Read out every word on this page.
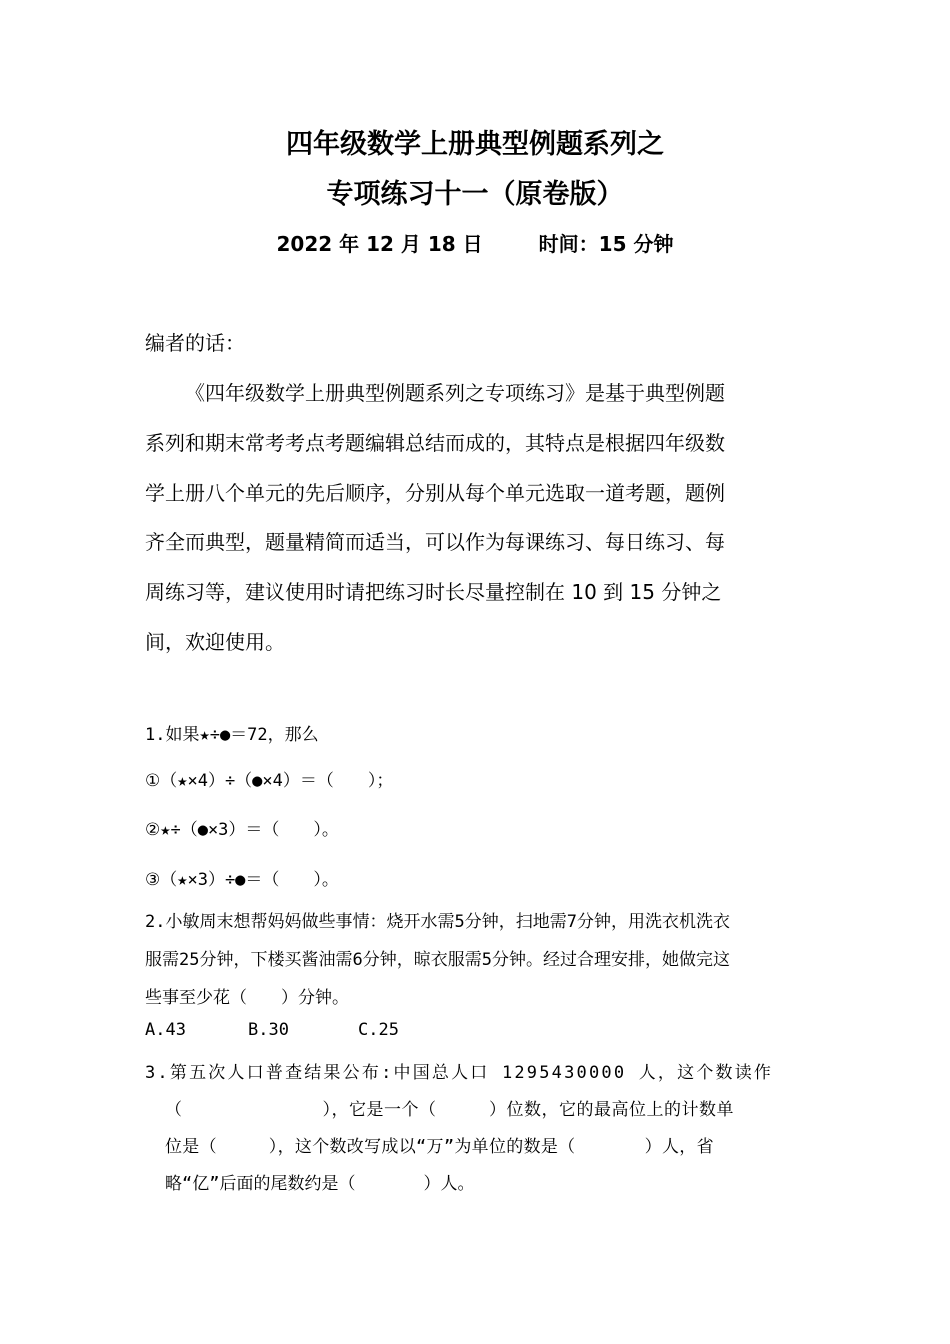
四年级数学上册典型例题系列之
专项练习十一（原卷版）
2022 年 12 月 18 日	时间：15 分钟
编者的话：
《四年级数学上册典型例题系列之专项练习》是基于典型例题
系列和期末常考考点考题编辑总结而成的，其特点是根据四年级数
学上册八个单元的先后顺序，分别从每个单元选取一道考题，题例
齐全而典型，题量精简而适当，可以作为每课练习、每日练习、每
周练习等，建议使用时请把练习时长尽量控制在 10 到 15 分钟之
间，欢迎使用。
1.如果★÷●＝72，那么
①（★×4）÷（●×4）＝（　　）；
②★÷（●×3）＝（　　）。
③（★×3）÷●＝（　　）。
2.小敏周末想帮妈妈做些事情：烧开水需5分钟，扫地需7分钟，用洗衣机洗衣
服需25分钟，下楼买酱油需6分钟，晾衣服需5分钟。经过合理安排，她做完这
些事至少花（　　）分钟。
A.43	B.30	C.25
3.第五次人口普查结果公布:中国总人口 1295430000 人，这个数读作
（　　　　　　　　），它是一个（　　　）位数，它的最高位上的计数单
位是（　　　），这个数改写成以“万”为单位的数是（　　　　）人，省
略“亿”后面的尾数约是（　　　　）人。
